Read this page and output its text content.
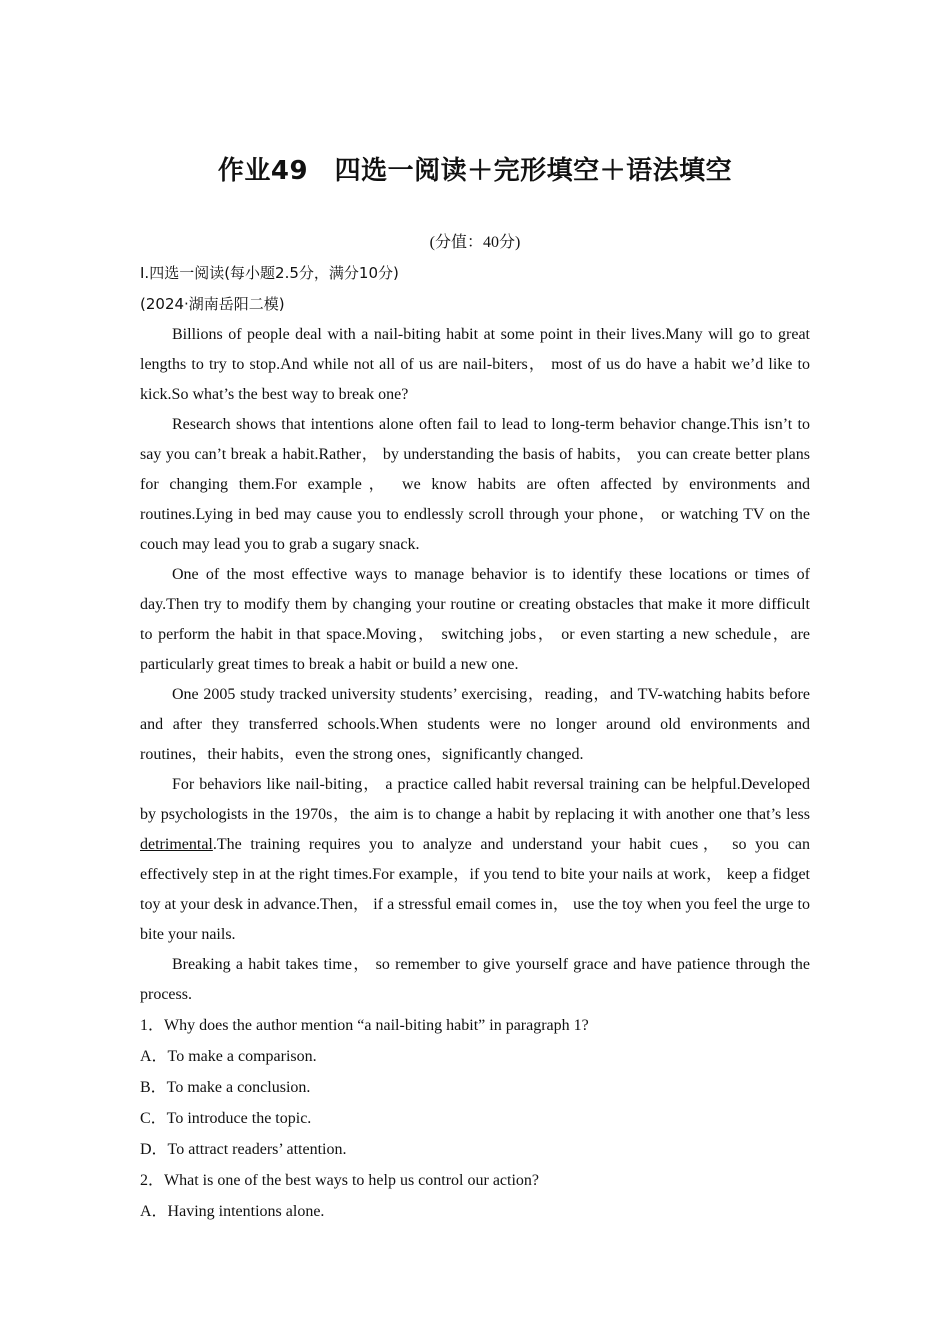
作业49　四选一阅读＋完形填空＋语法填空

(分值：40分)

Ⅰ.四选一阅读(每小题2.5分，满分10分)

(2024·湖南岳阳二模)

Billions of people deal with a nail-biting habit at some point in their lives.Many will go to great lengths to try to stop.And while not all of us are nail-biters， most of us do have a habit we’d like to kick.So what’s the best way to break one?

Research shows that intentions alone often fail to lead to long-term behavior change.This isn’t to say you can’t break a habit.Rather， by understanding the basis of habits， you can create better plans for changing them.For example， we know habits are often affected by environments and routines.Lying in bed may cause you to endlessly scroll through your phone， or watching TV on the couch may lead you to grab a sugary snack.

One of the most effective ways to manage behavior is to identify these locations or times of day.Then try to modify them by changing your routine or creating obstacles that make it more difficult to perform the habit in that space.Moving， switching jobs， or even starting a new schedule，are particularly great times to break a habit or build a new one.

One 2005 study tracked university students’ exercising，reading，and TV-watching habits before and after they transferred schools.When students were no longer around old environments and routines，their habits，even the strong ones，significantly changed.

For behaviors like nail-biting， a practice called habit reversal training can be helpful.Developed by psychologists in the 1970s，the aim is to change a habit by replacing it with another one that’s less detrimental.The training requires you to analyze and understand your habit cues， so you can effectively step in at the right times.For example，if you tend to bite your nails at work， keep a fidget toy at your desk in advance.Then， if a stressful email comes in， use the toy when you feel the urge to bite your nails.

Breaking a habit takes time， so remember to give yourself grace and have patience through the process.

1．Why does the author mention “a nail-biting habit” in paragraph 1?

A．To make a comparison.

B．To make a conclusion.

C．To introduce the topic.

D．To attract readers’ attention.

2．What is one of the best ways to help us control our action?

A．Having intentions alone.
